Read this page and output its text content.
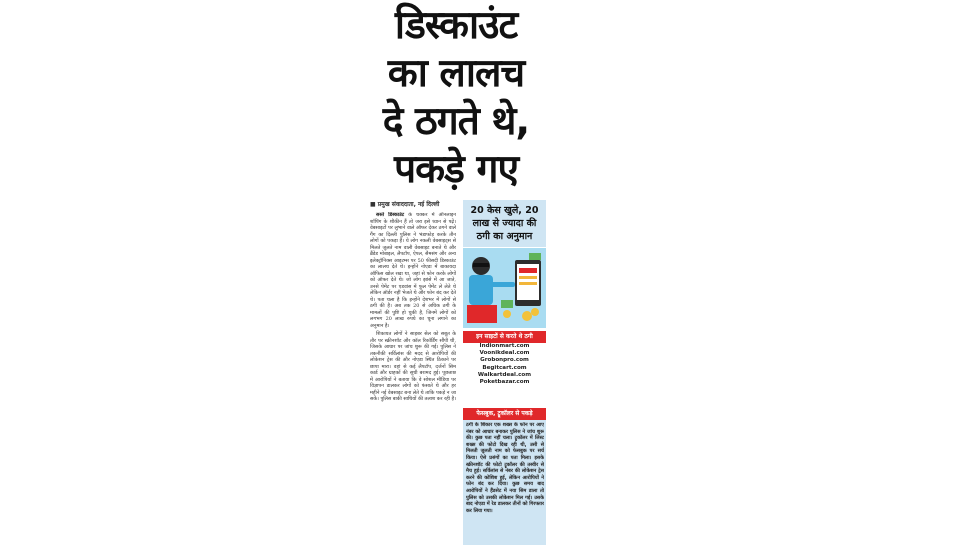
डिस्काउंट
का लालच
दे ठगते थे,
पकड़े गए
■ प्रमुख संवाददाता, नई दिल्ली

सस्ते डिस्काउंट के चक्कर में ऑनलाइन शॉपिंग के शौकीन हैं तो जरा इसे ध्यान से पढ़ें। वेबसाइटों पर लुभाने वाले ऑफर देकर ठगने वाले गैंग का दिल्ली पुलिस ने भंडाफोड़ करके तीन लोगों को पकड़ा है। ये लोग नकली वेबसाइट्स से मिलते जुलते नाम वाली वेबसाइट बनाते थे और ब्रैंडेड मोबाइल, लैपटॉप, ऐपल, सैमसंग और अन्य इलेक्ट्रॉनिक्स आइटम्स पर 50 फीसदी डिस्काउंट का लालच देते थे। इन्होंने नोएडा में बाकायदा ऑफिस खोल रखा था, जहां से फोन करके लोगों को ऑफर देते थे। जो लोग झांसे में आ जाते, उनसे पेमेंट पर एडवांस में फुल पेमेंट ले लेते थे लेकिन ऑर्डर नहीं भेजते थे और फोन बंद कर देते थे। पता चला है कि इन्होंने देशभर में लोगों से ठगी की है। अब तक 20 से अधिक ठगी के मामलों की पुष्टि हो चुकी है, जिनमें लोगों को लगभग 20 लाख रुपये का चूना लगाने का अनुमान है।

शिकायत लोगों ने साइबर सेल को सबूत के तौर पर स्क्रीनशॉट और कॉल रिकॉर्डिंग सौंपी थी, जिसके आधार पर जांच शुरू की गई। पुलिस ने तकनीकी सर्विलांस की मदद से आरोपियों की लोकेशन ट्रेस की और नोएडा स्थित ठिकाने पर छापा मारा। वहां से कई लैपटॉप, दर्जनों सिम कार्ड और ग्राहकों की सूची बरामद हुई। पूछताछ में आरोपियों ने बताया कि वे सोशल मीडिया पर विज्ञापन डालकर लोगों को फंसाते थे और हर महीने नई वेबसाइट बना लेते थे ताकि पकड़े न जा सकें। पुलिस बाकी साथियों की तलाश कर रही है।

20 केस खुले, 20
लाख से ज्यादा की
ठगी का अनुमान
इन साइटों से करते थे ठगी
Indionmart.com
Voonikdeal.com
Grobonpro.com
Begitcart.com
Walkartdeal.com
Poketbazar.com
फेसबुक, ट्रूकॉलर से पकड़े
ठगी के शिकार एक शख्स के फोन पर आए नंबर को आधार बनाकर पुलिस ने जांच शुरू की। कुछ पता नहीं चला। ट्रूकॉलर में लिस्ट शख्स की फोटो दिख रही थी, उसी से मिलती जुलती नाम को फेसबुक पर सर्च किया। ऐसे प्रसंगों का पता मिला। इसके स्क्रीनशॉट की फोटो ट्रूकॉलर की तस्वीर से मैच हुई। सर्विलांस से नंबर की लोकेशन ट्रेस करने की कोशिश हुई, लेकिन आरोपियों ने फोन बंद कर दिया। कुछ समय बाद आरोपियों ने हैंडसेट में नया सिम डाला तो पुलिस को उसकी लोकेशन मिल गई। उसके बाद नोएडा में रेड डालकर तीनों को गिरफ्तार कर लिया गया।
